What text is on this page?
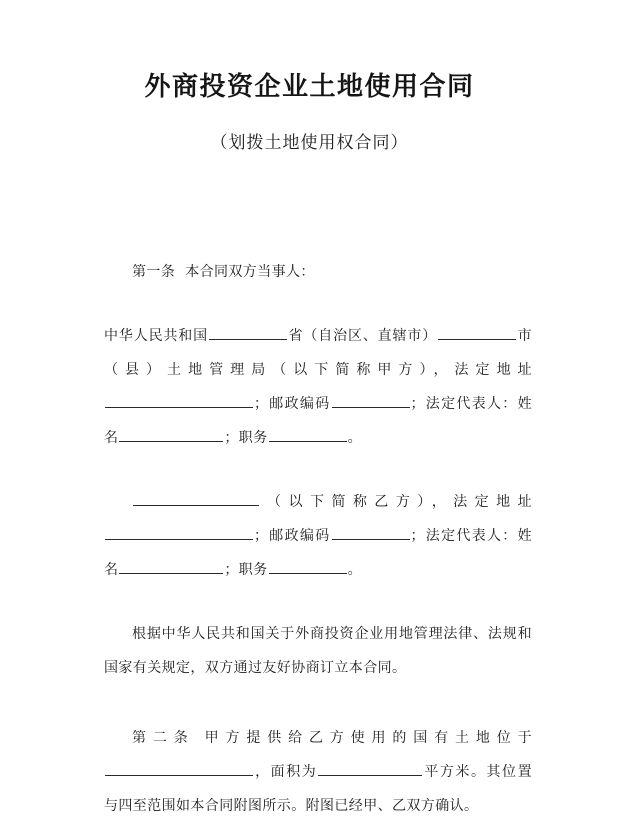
外商投资企业土地使用合同
（划拨土地使用权合同）

第一条 本合同双方当事人：

中华人民共和国	省（自治区、直辖市）	市（县）土地管理局（以下简称甲方），法定地址；邮政编码	；法定代表人：姓名	；职务	。

（以下简称乙方），法定地址；邮政编码	；法定代表人：姓名	；职务	。

根据中华人民共和国关于外商投资企业用地管理法律、法规和国家有关规定，双方通过友好协商订立本合同。

第二条 甲方提供给乙方使用的国有土地位于，面积为	平方米。其位置与四至范围如本合同附图所示。附图已经甲、乙双方确认。
